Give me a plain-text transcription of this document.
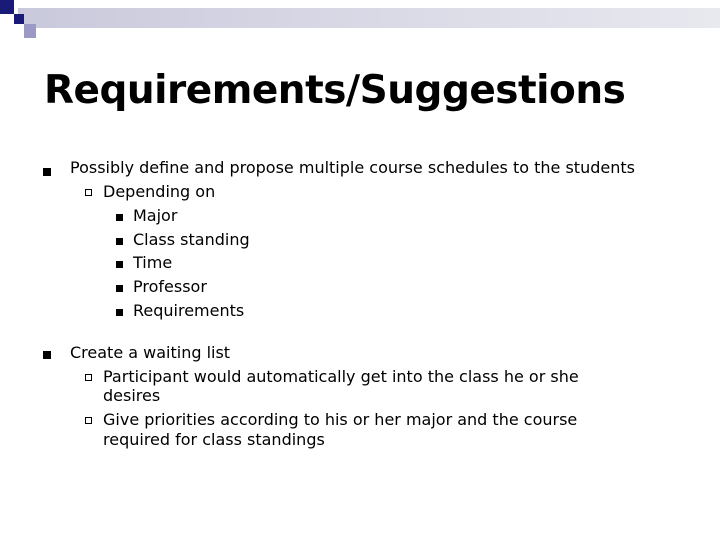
Requirements/Suggestions
Possibly define and propose multiple course schedules to the students
Depending on
Major
Class standing
Time
Professor
Requirements
Create a waiting list
Participant would automatically get into the class he or she
desires
Give priorities according to his or her major and the course
required for class standings
